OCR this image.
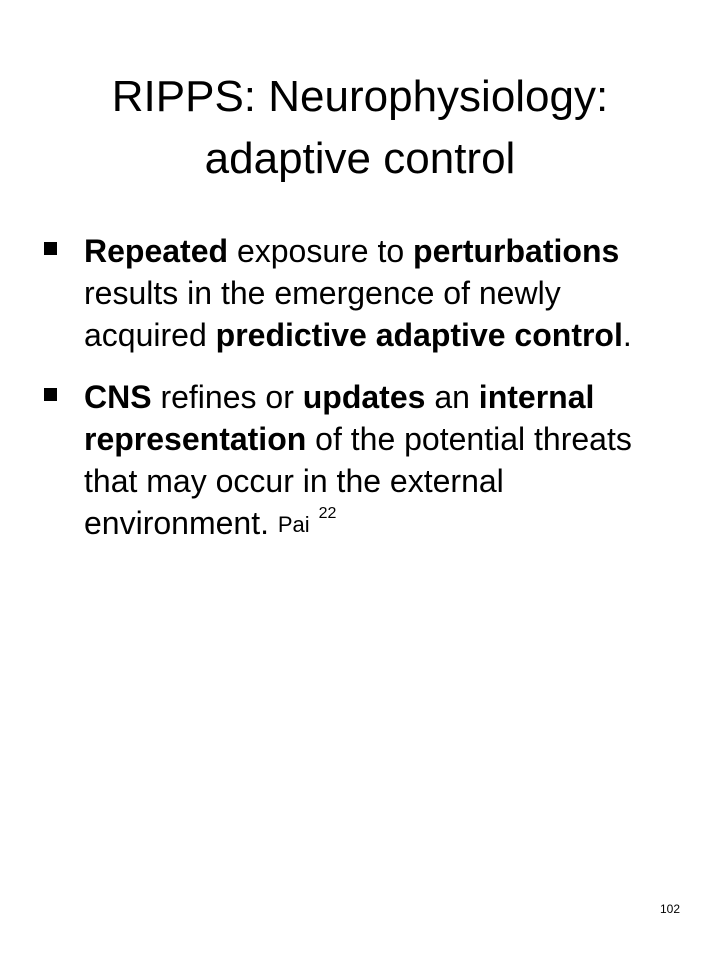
RIPPS: Neurophysiology:
adaptive control
Repeated exposure to perturbations results in the emergence of newly acquired predictive adaptive control.
CNS refines or updates an internal representation of the potential threats that may occur in the external environment. Pai $^{22}$
102
